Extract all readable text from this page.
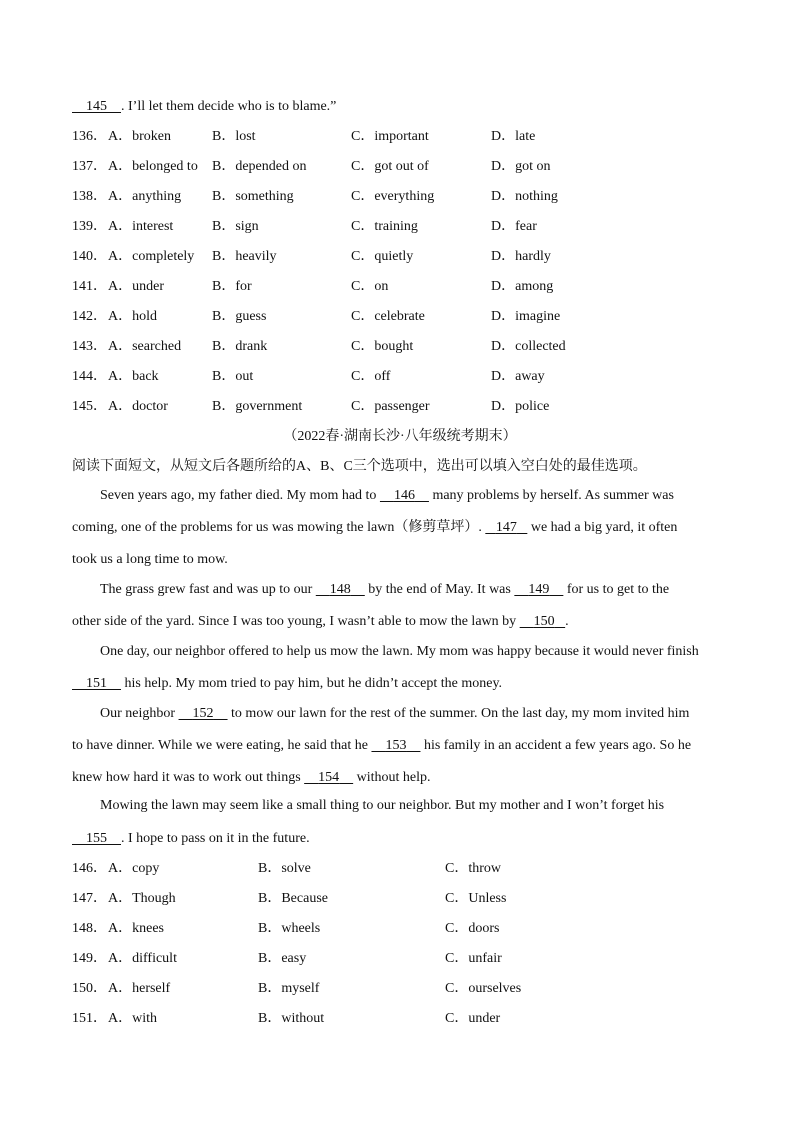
145 . I’ll let them decide who is to blame.”
136． A．broken	B．lost	C．important	D．late
137． A．belonged to B．depended on	C．got out of	D．got on
138． A．anything B．something	C．everything	D．nothing
139． A．interest	B．sign	C．training	D．fear
140． A．completely B．heavily	C．quietly	D．hardly
141． A．under	B．for	C．on	D．among
142． A．hold	B．guess	C．celebrate	D．imagine
143． A．searched B．drank	C．bought	D．collected
144． A．back	B．out	C．off	D．away
145． A．doctor	B．government	C．passenger	D．police
（2022春·湖南长沙·八年级统考期末）
阅读下面短文，从短文后各题所给的A、B、C三个选项中，选出可以填入空白处的最佳选项。
Seven years ago, my father died. My mom had to     146     many problems by herself. As summer was
coming, one of the problems for us was mowing the lawn（修剪草坪）.    147    we had a big yard, it often
took us a long time to mow.
The grass grew fast and was up to our     148     by the end of May. It was     149     for us to get to the
other side of the yard. Since I was too young, I wasn’t able to mow the lawn by     150 .
One day, our neighbor offered to help us mow the lawn. My mom was happy because it would never finish
151     his help. My mom tried to pay him, but he didn’t accept the money.
Our neighbor     152     to mow our lawn for the rest of the summer. On the last day, my mom invited him
to have dinner. While we were eating, he said that he     153     his family in an accident a few years ago. So he
knew how hard it was to work out things     154     without help.
Mowing the lawn may seem like a small thing to our neighbor. But my mother and I won’t forget his
155 . I hope to pass on it in the future.
146． A．copy	B．solve	C．throw
147． A．Though	B．Because	C．Unless
148． A．knees	B．wheels	C．doors
149． A．difficult	B．easy	C．unfair
150． A．herself	B．myself	C．ourselves
151． A．with	B．without	C．under
